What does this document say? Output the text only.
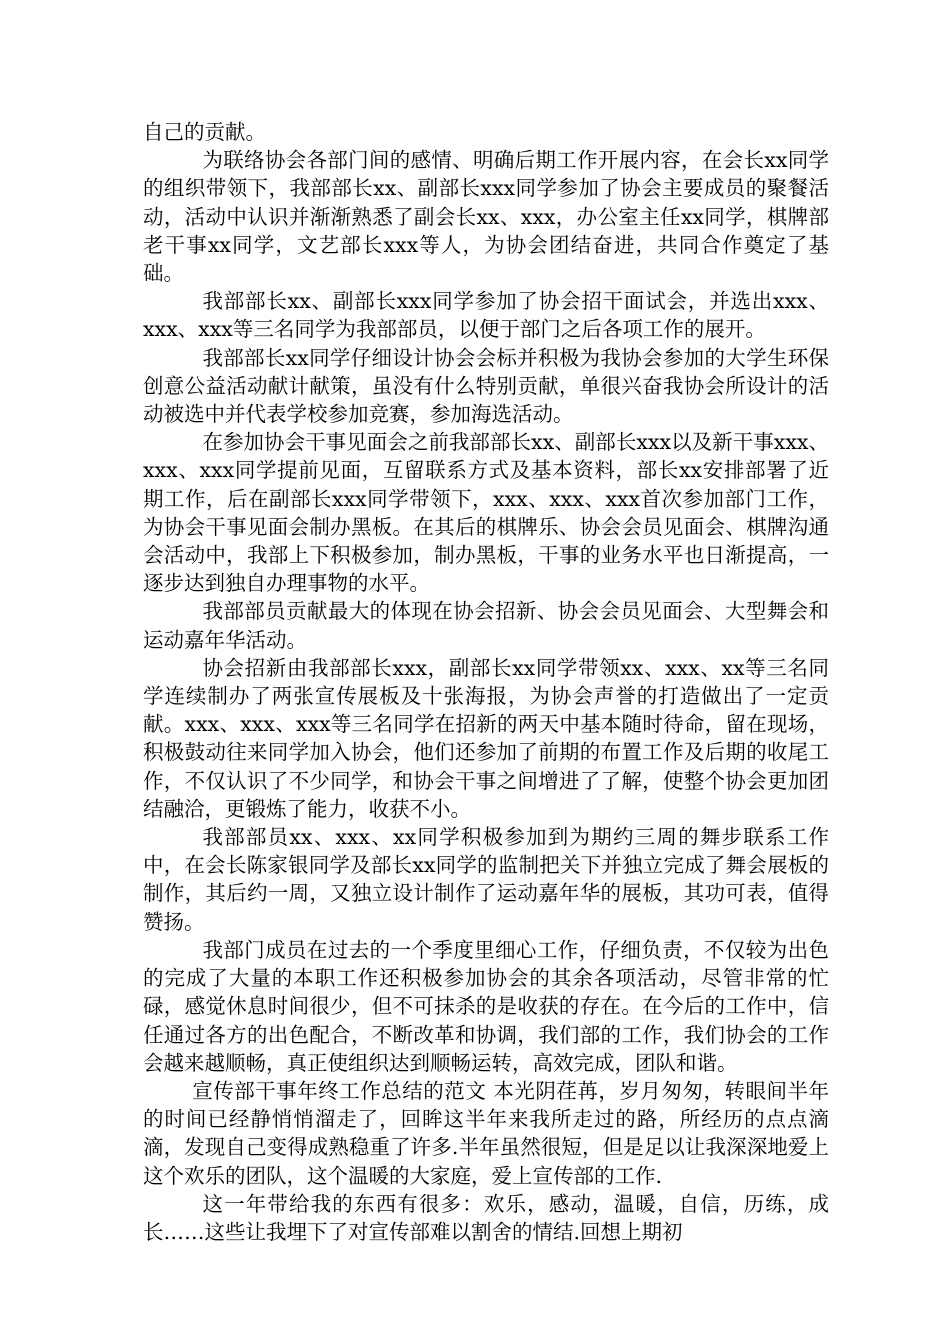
自己的贡献。

为联络协会各部门间的感情、明确后期工作开展内容，在会长xx同学的组织带领下，我部部长xx、副部长xxx同学参加了协会主要成员的聚餐活动，活动中认识并渐渐熟悉了副会长xx、xxx，办公室主任xx同学，棋牌部老干事xx同学，文艺部长xxx等人，为协会团结奋进，共同合作奠定了基础。

我部部长xx、副部长xxx同学参加了协会招干面试会，并选出xxx、xxx、xxx等三名同学为我部部员，以便于部门之后各项工作的展开。

我部部长xx同学仔细设计协会会标并积极为我协会参加的大学生环保创意公益活动献计献策，虽没有什么特别贡献，单很兴奋我协会所设计的活动被选中并代表学校参加竞赛，参加海选活动。

在参加协会干事见面会之前我部部长xx、副部长xxx以及新干事xxx、xxx、xxx同学提前见面，互留联系方式及基本资料，部长xx安排部署了近期工作，后在副部长xxx同学带领下，xxx、xxx、xxx首次参加部门工作，为协会干事见面会制办黑板。在其后的棋牌乐、协会会员见面会、棋牌沟通会活动中，我部上下积极参加，制办黑板，干事的业务水平也日渐提高，一逐步达到独自办理事物的水平。

我部部员贡献最大的体现在协会招新、协会会员见面会、大型舞会和运动嘉年华活动。

协会招新由我部部长xxx，副部长xx同学带领xx、xxx、xx等三名同学连续制办了两张宣传展板及十张海报，为协会声誉的打造做出了一定贡献。xxx、xxx、xxx等三名同学在招新的两天中基本随时待命，留在现场，积极鼓动往来同学加入协会，他们还参加了前期的布置工作及后期的收尾工作，不仅认识了不少同学，和协会干事之间增进了了解，使整个协会更加团结融洽，更锻炼了能力，收获不小。

我部部员xx、xxx、xx同学积极参加到为期约三周的舞步联系工作中，在会长陈家银同学及部长xx同学的监制把关下并独立完成了舞会展板的制作，其后约一周，又独立设计制作了运动嘉年华的展板，其功可表，值得赞扬。

我部门成员在过去的一个季度里细心工作，仔细负责，不仅较为出色的完成了大量的本职工作还积极参加协会的其余各项活动，尽管非常的忙碌，感觉休息时间很少，但不可抹杀的是收获的存在。在今后的工作中，信任通过各方的出色配合，不断改革和协调，我们部的工作，我们协会的工作会越来越顺畅，真正使组织达到顺畅运转，高效完成，团队和谐。

宣传部干事年终工作总结的范文 本光阴荏苒，岁月匆匆，转眼间半年的时间已经静悄悄溜走了，回眸这半年来我所走过的路，所经历的点点滴滴，发现自己变得成熟稳重了许多.半年虽然很短，但是足以让我深深地爱上这个欢乐的团队，这个温暖的大家庭，爱上宣传部的工作.

这一年带给我的东西有很多：欢乐，感动，温暖，自信，历练，成长……这些让我埋下了对宣传部难以割舍的情结.回想上期初
